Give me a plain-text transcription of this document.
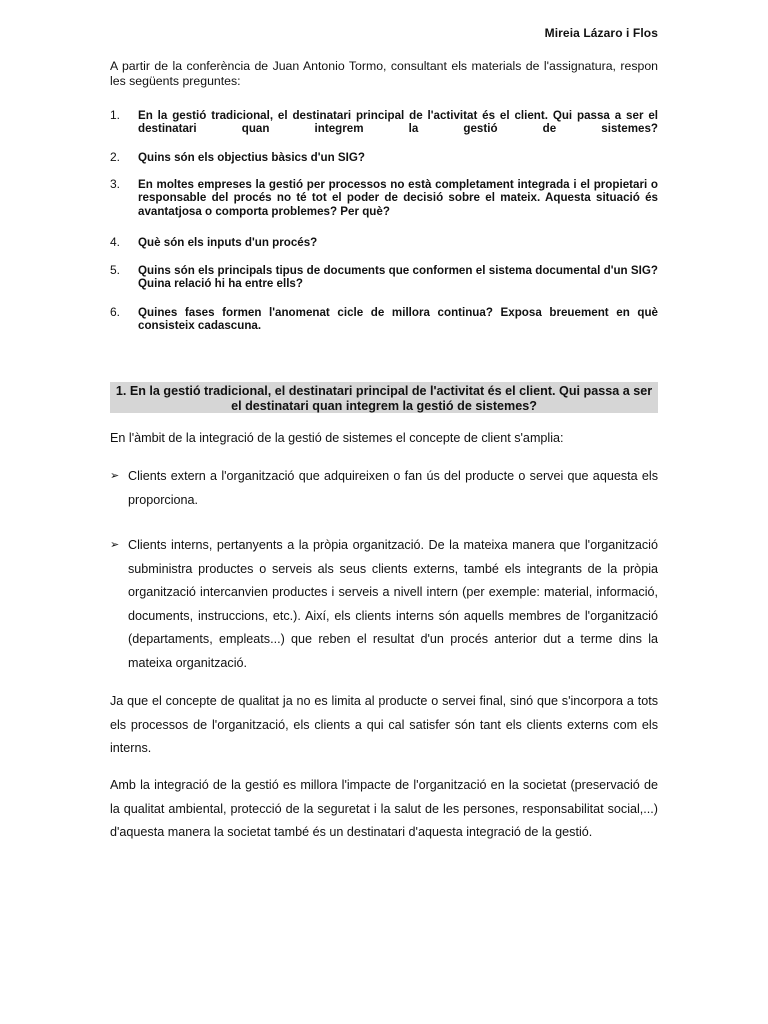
Mireia Lázaro i Flos

A partir de la conferència de Juan Antonio Tormo, consultant els materials de l'assignatura, respon les següents preguntes:

1. En la gestió tradicional, el destinatari principal de l'activitat és el client. Qui passa a ser el destinatari quan integrem la gestió de sistemes?
2. Quins són els objectius bàsics d'un SIG?
3. En moltes empreses la gestió per processos no està completament integrada i el propietari o responsable del procés no té tot el poder de decisió sobre el mateix. Aquesta situació és avantatjosa o comporta problemes? Per què?
4. Què són els inputs d'un procés?
5. Quins són els principals tipus de documents que conformen el sistema documental d'un SIG? Quina relació hi ha entre ells?
6. Quines fases formen l'anomenat cicle de millora continua? Exposa breuement en què consisteix cadascuna.

1. En la gestió tradicional, el destinatari principal de l'activitat és el client. Qui passa a ser el destinatari quan integrem la gestió de sistemes?

En l'àmbit de la integració de la gestió de sistemes el concepte de client s'amplia:

➢ Clients extern a l'organització que adquireixen o fan ús del producte o servei que aquesta els proporciona.

➢ Clients interns, pertanyents a la pròpia organització. De la mateixa manera que l'organització subministra productes o serveis als seus clients externs, també els integrants de la pròpia organització intercanvien productes i serveis a nivell intern (per exemple: material, informació, documents, instruccions, etc.). Així, els clients interns són aquells membres de l'organització (departaments, empleats...) que reben el resultat d'un procés anterior dut a terme dins la mateixa organització.

Ja que el concepte de qualitat ja no es limita al producte o servei final, sinó que s'incorpora a tots els processos de l'organització, els clients a qui cal satisfer són tant els clients externs com els interns.

Amb la integració de la gestió es millora l'impacte de l'organització en la societat (preservació de la qualitat ambiental, protecció de la seguretat i la salut de les persones, responsabilitat social,...) d'aquesta manera la societat també és un destinatari d'aquesta integració de la gestió.
